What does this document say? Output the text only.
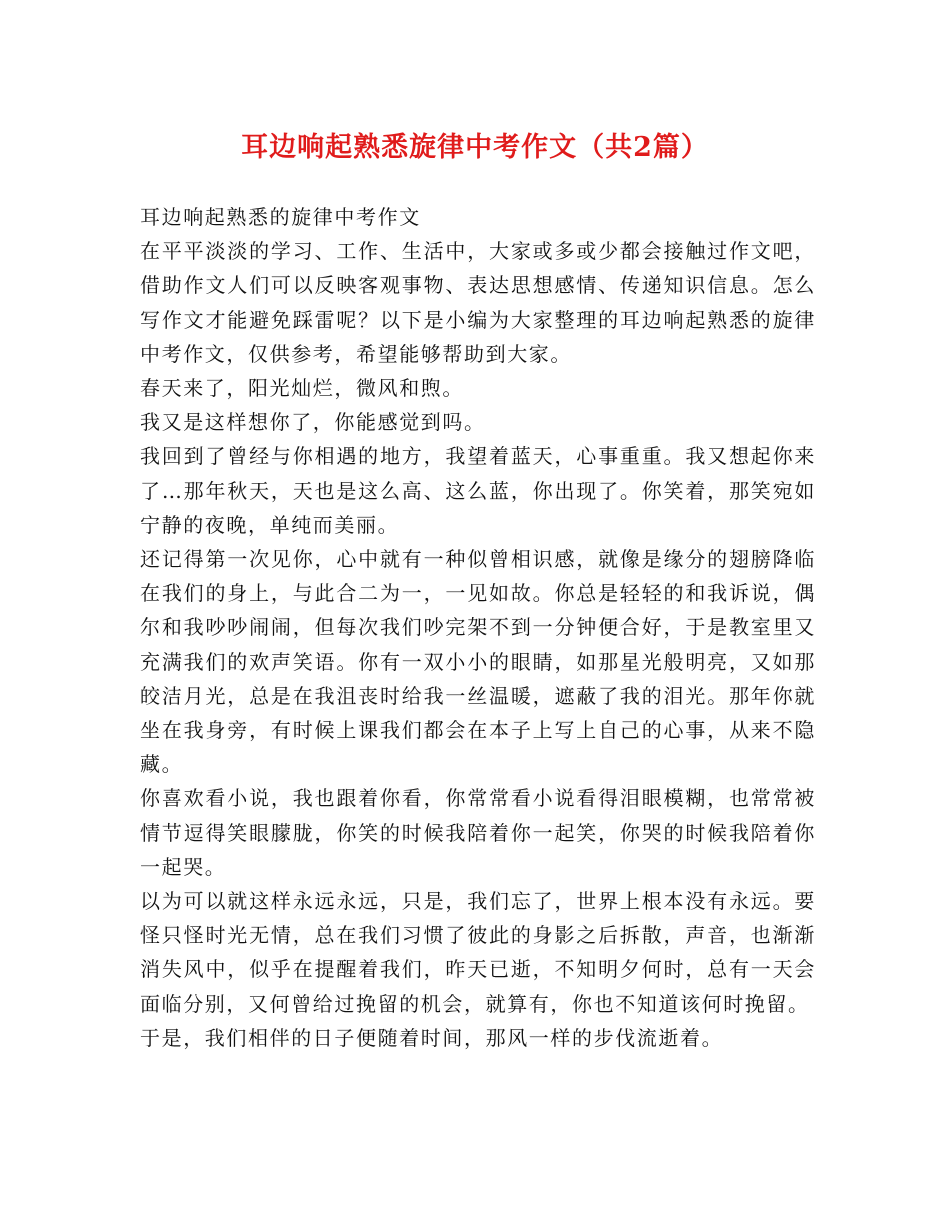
耳边响起熟悉旋律中考作文（共2篇）

耳边响起熟悉的旋律中考作文

在平平淡淡的学习、工作、生活中，大家或多或少都会接触过作文吧，借助作文人们可以反映客观事物、表达思想感情、传递知识信息。怎么写作文才能避免踩雷呢？以下是小编为大家整理的耳边响起熟悉的旋律中考作文，仅供参考，希望能够帮助到大家。

春天来了，阳光灿烂，微风和煦。

我又是这样想你了，你能感觉到吗。

我回到了曾经与你相遇的地方，我望着蓝天，心事重重。我又想起你来了…那年秋天，天也是这么高、这么蓝，你出现了。你笑着，那笑宛如宁静的夜晚，单纯而美丽。

还记得第一次见你，心中就有一种似曾相识感，就像是缘分的翅膀降临在我们的身上，与此合二为一，一见如故。你总是轻轻的和我诉说，偶尔和我吵吵闹闹，但每次我们吵完架不到一分钟便合好，于是教室里又充满我们的欢声笑语。你有一双小小的眼睛，如那星光般明亮，又如那皎洁月光，总是在我沮丧时给我一丝温暖，遮蔽了我的泪光。那年你就坐在我身旁，有时候上课我们都会在本子上写上自己的心事，从来不隐藏。

你喜欢看小说，我也跟着你看，你常常看小说看得泪眼模糊，也常常被情节逗得笑眼朦胧，你笑的时候我陪着你一起笑，你哭的时候我陪着你一起哭。

以为可以就这样永远永远，只是，我们忘了，世界上根本没有永远。要怪只怪时光无情，总在我们习惯了彼此的身影之后拆散，声音，也渐渐消失风中，似乎在提醒着我们，昨天已逝，不知明夕何时，总有一天会面临分别，又何曾给过挽留的机会，就算有，你也不知道该何时挽留。

于是，我们相伴的日子便随着时间，那风一样的步伐流逝着。
